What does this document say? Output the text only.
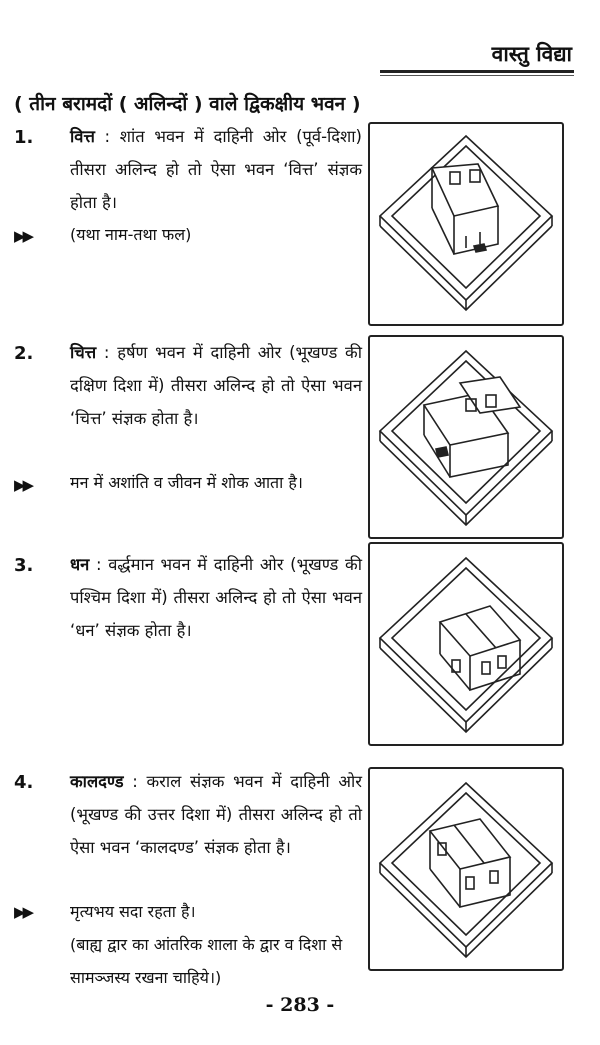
वास्तु विद्या
( तीन बरामदों ( अलिन्दों ) वाले द्विकक्षीय भवन )
1. वित्त : शांत भवन में दाहिनी ओर (पूर्व-दिशा) तीसरा अलिन्द हो तो ऐसा भवन ‘वित्त’ संज्ञक होता है।
▶▶ (यथा नाम-तथा फल)
2. चित्त : हर्षण भवन में दाहिनी ओर (भूखण्ड की दक्षिण दिशा में) तीसरा अलिन्द हो तो ऐसा भवन ‘चित्त’ संज्ञक होता है।
▶▶ मन में अशांति व जीवन में शोक आता है।
3. धन : वर्द्धमान भवन में दाहिनी ओर (भूखण्ड की पश्चिम दिशा में) तीसरा अलिन्द हो तो ऐसा भवन ‘धन’ संज्ञक होता है।
4. कालदण्ड : कराल संज्ञक भवन में दाहिनी ओर (भूखण्ड की उत्तर दिशा में) तीसरा अलिन्द हो तो ऐसा भवन ‘कालदण्ड’ संज्ञक होता है।
▶▶ मृत्यभय सदा रहता है।
(बाह्य द्वार का आंतरिक शाला के द्वार व दिशा से सामञ्जस्य रखना चाहिये।)
- 283 -
